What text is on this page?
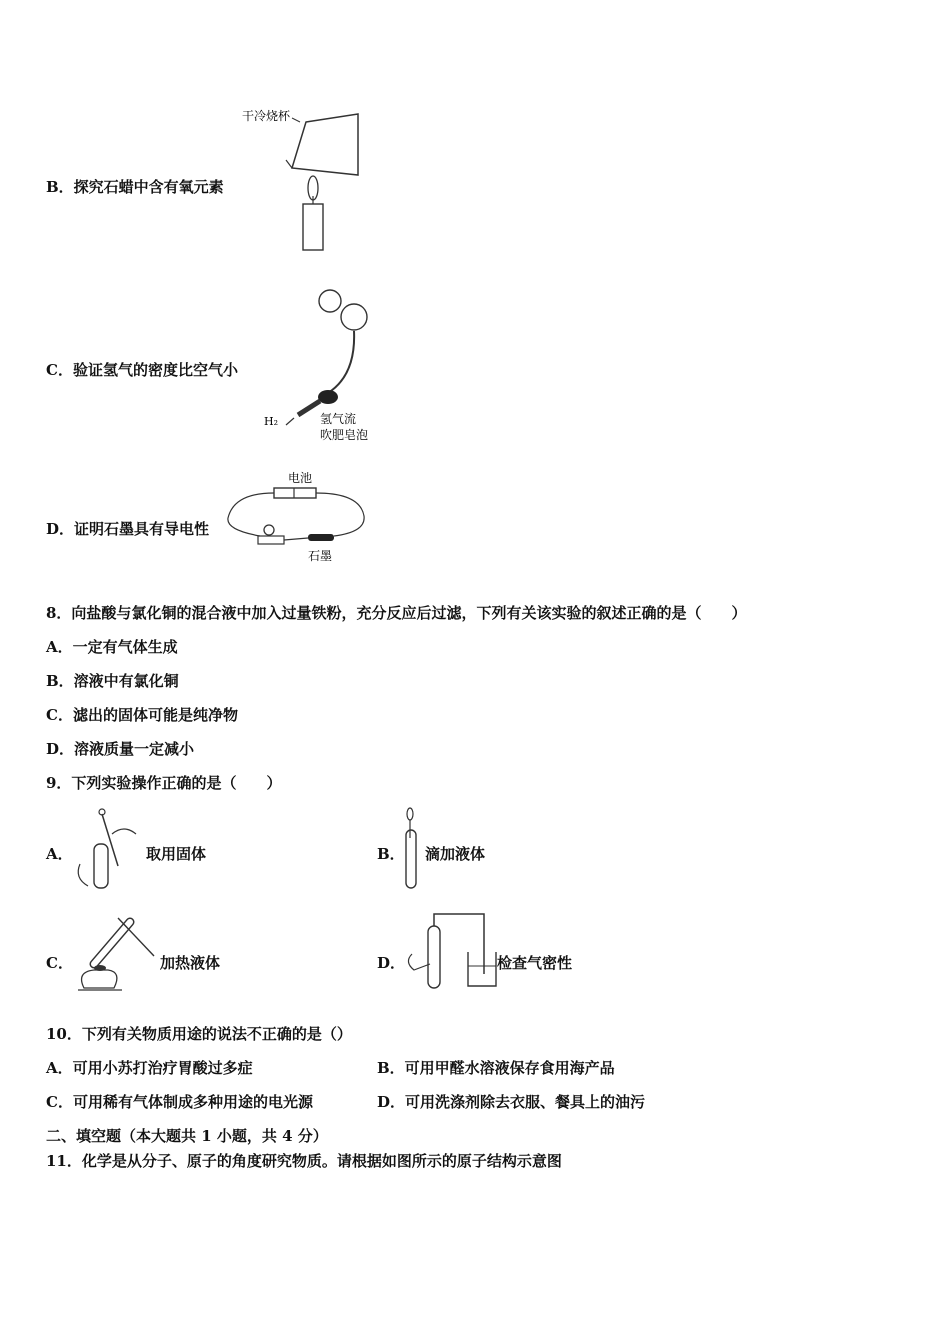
B．探究石蜡中含有氧元素
干冷烧杯
C．验证氢气的密度比空气小
H₂	氢气流
吹肥皂泡
D．证明石墨具有导电性
电池
石墨
8．向盐酸与氯化铜的混合液中加入过量铁粉，充分反应后过滤，下列有关该实验的叙述正确的是（　　）
A．一定有气体生成
B．溶液中有氯化铜
C．滤出的固体可能是纯净物
D．溶液质量一定减小
9．下列实验操作正确的是（　　）
A．	取用固体	B． 滴加液体
C．	加热液体	D．	检查气密性
10．下列有关物质用途的说法不正确的是（）
A．可用小苏打治疗胃酸过多症	B．可用甲醛水溶液保存食用海产品
C．可用稀有气体制成多种用途的电光源	D．可用洗涤剂除去衣服、餐具上的油污
二、填空题（本大题共 1 小题，共 4 分）
11．化学是从分子、原子的角度研究物质。请根据如图所示的原子结构示意图
